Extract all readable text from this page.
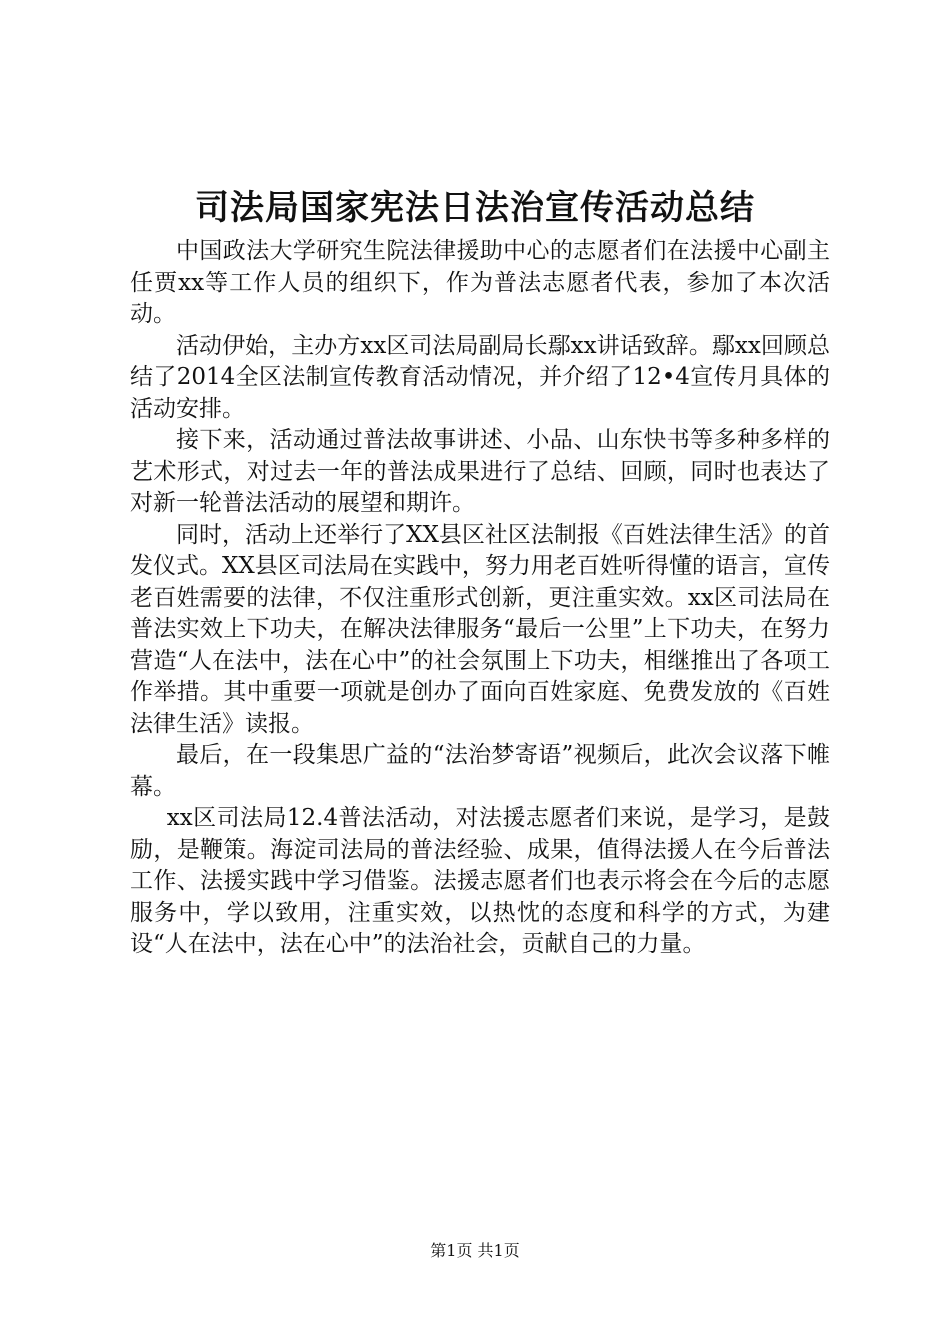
司法局国家宪法日法治宣传活动总结

中国政法大学研究生院法律援助中心的志愿者们在法援中心副主任贾xx等工作人员的组织下，作为普法志愿者代表，参加了本次活动。

活动伊始，主办方xx区司法局副局长鄢xx讲话致辞。鄢xx回顾总结了2014全区法制宣传教育活动情况，并介绍了12•4宣传月具体的活动安排。

接下来，活动通过普法故事讲述、小品、山东快书等多种多样的艺术形式，对过去一年的普法成果进行了总结、回顾，同时也表达了对新一轮普法活动的展望和期许。

同时，活动上还举行了XX县区社区法制报《百姓法律生活》的首发仪式。XX县区司法局在实践中，努力用老百姓听得懂的语言，宣传老百姓需要的法律，不仅注重形式创新，更注重实效。xx区司法局在普法实效上下功夫，在解决法律服务“最后一公里”上下功夫，在努力营造“人在法中，法在心中”的社会氛围上下功夫，相继推出了各项工作举措。其中重要一项就是创办了面向百姓家庭、免费发放的《百姓法律生活》读报。

最后，在一段集思广益的“法治梦寄语”视频后，此次会议落下帷幕。

xx区司法局12.4普法活动，对法援志愿者们来说，是学习，是鼓励，是鞭策。海淀司法局的普法经验、成果，值得法援人在今后普法工作、法援实践中学习借鉴。法援志愿者们也表示将会在今后的志愿服务中，学以致用，注重实效，以热忱的态度和科学的方式，为建设“人在法中，法在心中”的法治社会，贡献自己的力量。

第1页 共1页
